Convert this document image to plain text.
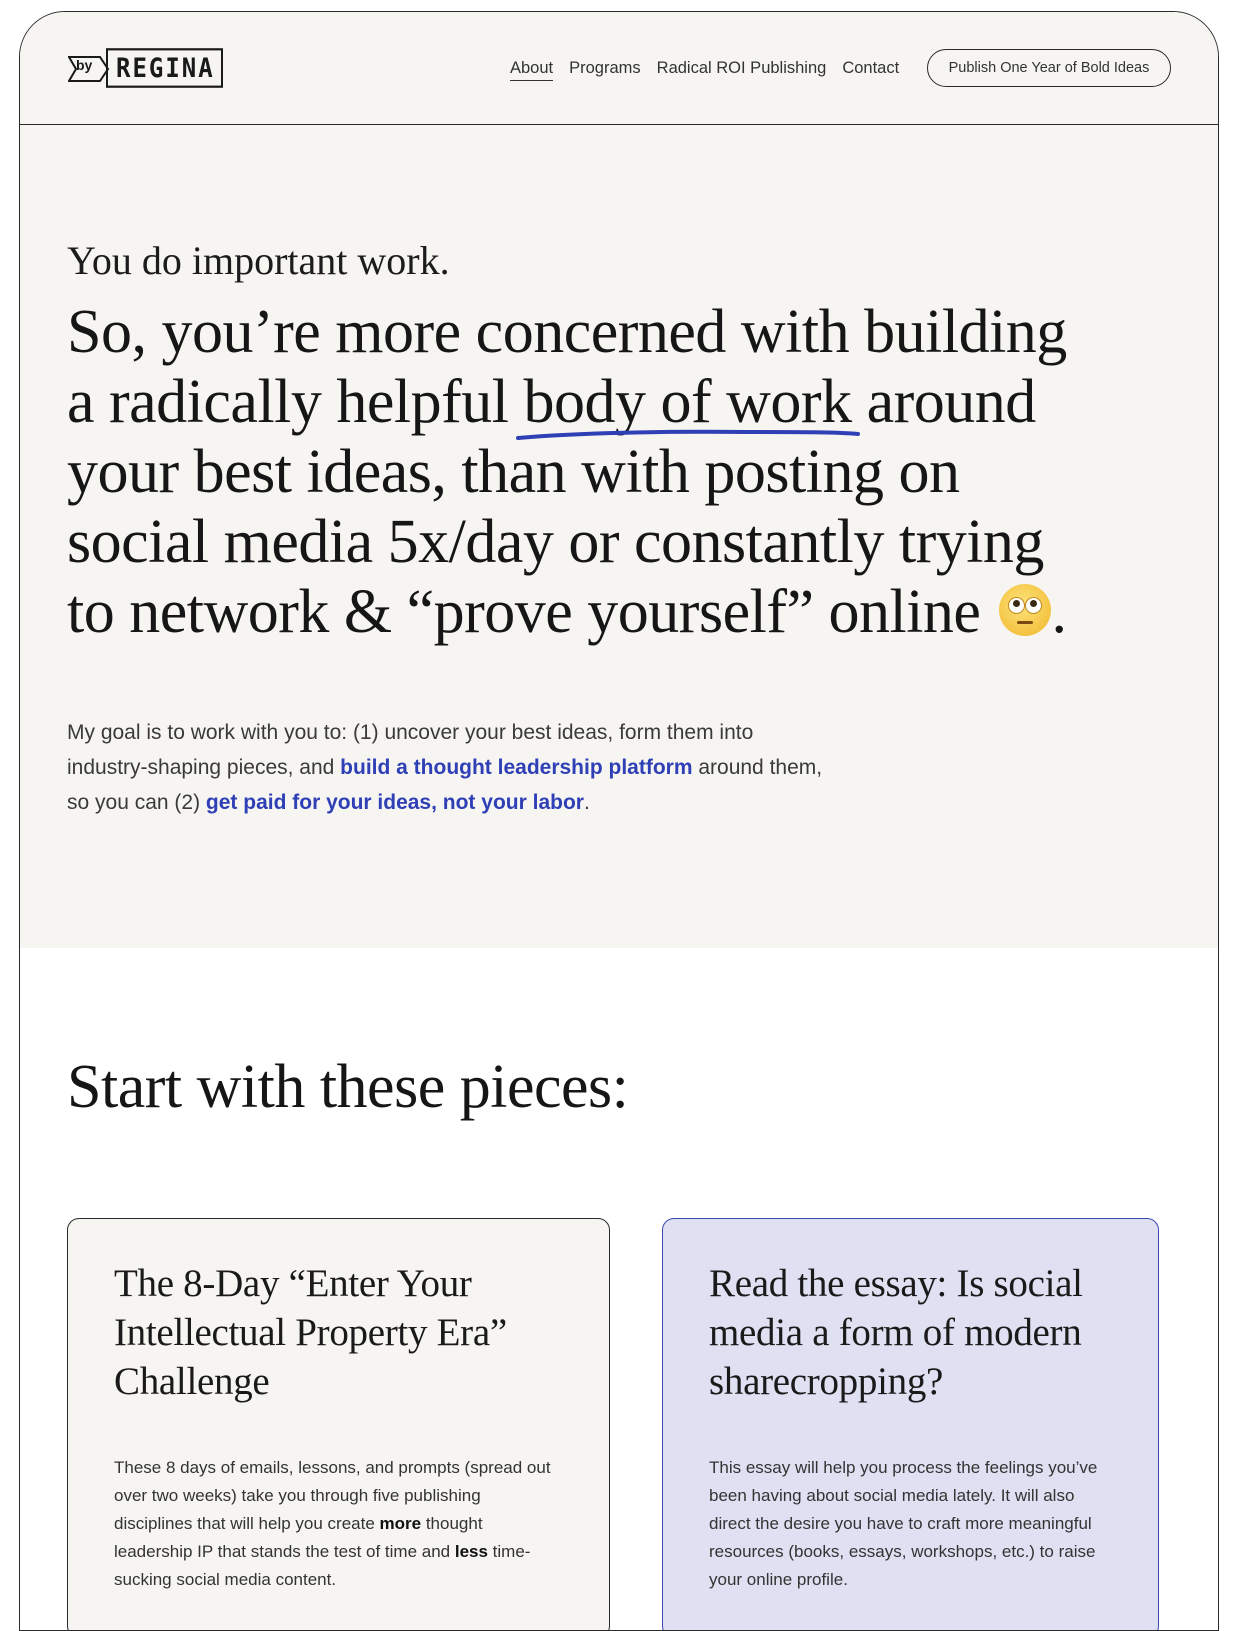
by REGINA	About Programs Radical ROI Publishing Contact	Publish One Year of Bold Ideas
You do important work.
So, you’re more concerned with building a radically helpful body of work
around your best ideas, than with posting on social media 5x/day or constantly trying to network & “prove yourself” online
.

My goal is to work with you to: (1) uncover your best ideas, form them into industry-shaping pieces, and build a thought leadership platform around them, so you can (2) get paid for your ideas, not your labor.

Start with these pieces:
The 8-Day “Enter Your Intellectual Property Era” Challenge

These 8 days of emails, lessons, and prompts (spread out over two weeks) take you through five publishing disciplines that will help you create more thought leadership IP that stands the test of time and less time-sucking social media content.

Read the essay: Is social media a form of modern sharecropping?

This essay will help you process the feelings you’ve been having about social media lately. It will also direct the desire you have to craft more meaningful resources (books, essays, workshops, etc.) to raise your online profile.
